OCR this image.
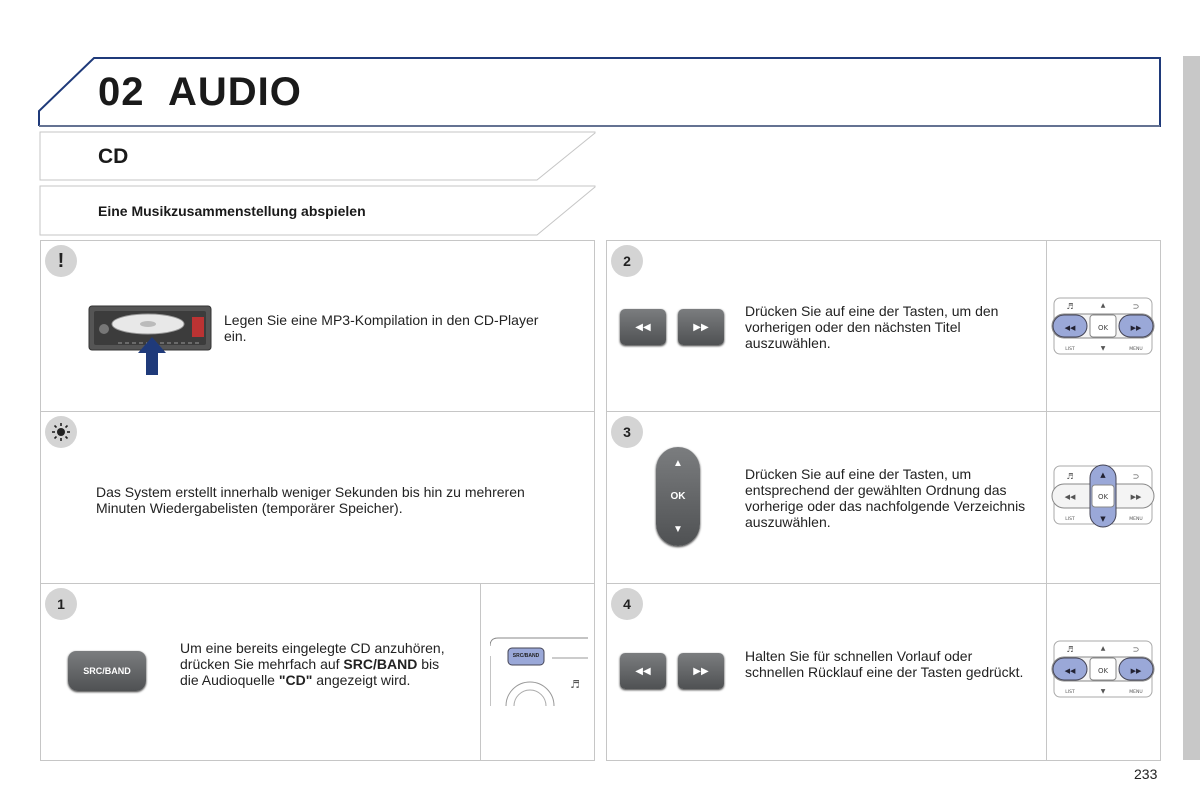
02 AUDIO
CD
Eine Musikzusammenstellung abspielen
!
Legen Sie eine MP3-Kompilation in den CD-Player ein.
Das System erstellt innerhalb weniger Sekunden bis hin zu mehreren Minuten Wiedergabelisten (temporärer Speicher).
1
SRC/BAND
Um eine bereits eingelegte CD anzuhören, drücken Sie mehrfach auf SRC/BAND bis die Audioquelle "CD" angezeigt wird.	♬
SRC/BAND
2
◀◀	▶▶
Drücken Sie auf eine der Tasten, um den vorherigen oder den nächsten Titel auszuwählen.
OK
◀◀	▶▶
♬	▲	⊃
▼
LIST	MENU
3
▲
OK
▼
Drücken Sie auf eine der Tasten, um entsprechend der gewählten Ordnung das vorherige oder das nachfolgende Verzeichnis auszuwählen.
OK
▲
▼
◀◀	▶▶
♬	⊃
LIST	MENU
4
◀◀	▶▶
Halten Sie für schnellen Vorlauf oder schnellen Rücklauf eine der Tasten gedrückt.	OK
◀◀	▶▶
♬	▲	⊃
▼
LIST	MENU
233
